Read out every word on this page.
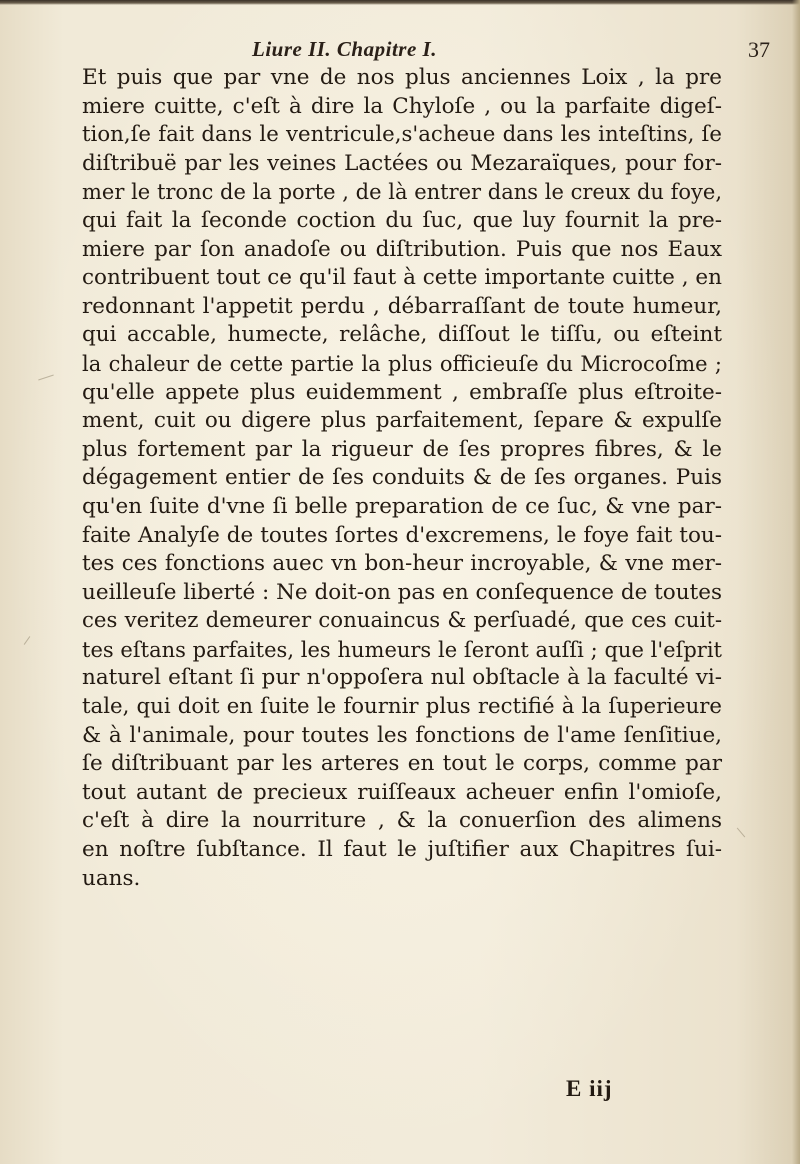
Liure II. Chapitre I.	37
Et puis que par vne de nos plus anciennes Loix , la pre
miere cuitte, c'eſt à dire la Chyloſe , ou la parfaite digeſ-
tion,ſe fait dans le ventricule,s'acheue dans les inteſtins, ſe
diſtribuë par les veines Lactées ou Mezaraïques, pour for-
mer le tronc de la porte , de là entrer dans le creux du foye,
qui fait la ſeconde coction du ſuc, que luy fournit la pre-
miere par ſon anadoſe ou diſtribution. Puis que nos Eaux
contribuent tout ce qu'il faut à cette importante cuitte , en
redonnant l'appetit perdu , débarraſſant de toute humeur,
qui accable, humecte, relâche, diſſout le tiſſu, ou eſteint
la chaleur de cette partie la plus officieuſe du Microcoſme ;
qu'elle appete plus euidemment , embraſſe plus eſtroite-
ment, cuit ou digere plus parfaitement, ſepare & expulſe
plus fortement par la rigueur de ſes propres fibres, & le
dégagement entier de ſes conduits & de ſes organes. Puis
qu'en ſuite d'vne ſi belle preparation de ce ſuc, & vne par-
faite Analyſe de toutes ſortes d'excremens, le foye fait tou-
tes ces fonctions auec vn bon-heur incroyable, & vne mer-
ueilleuſe liberté : Ne doit-on pas en conſequence de toutes
ces veritez demeurer conuaincus & perſuadé, que ces cuit-
tes eſtans parfaites, les humeurs le ſeront auſſi ; que l'eſprit
naturel eſtant ſi pur n'oppoſera nul obſtacle à la faculté vi-
tale, qui doit en ſuite le fournir plus rectifié à la ſuperieure
& à l'animale, pour toutes les fonctions de l'ame ſenſitiue,
ſe diſtribuant par les arteres en tout le corps, comme par
tout autant de precieux ruiſſeaux acheuer enfin l'omioſe,
c'eſt à dire la nourriture , & la conuerſion des alimens
en noſtre ſubſtance. Il faut le juſtifier aux Chapitres ſui-
uans.
E iij
